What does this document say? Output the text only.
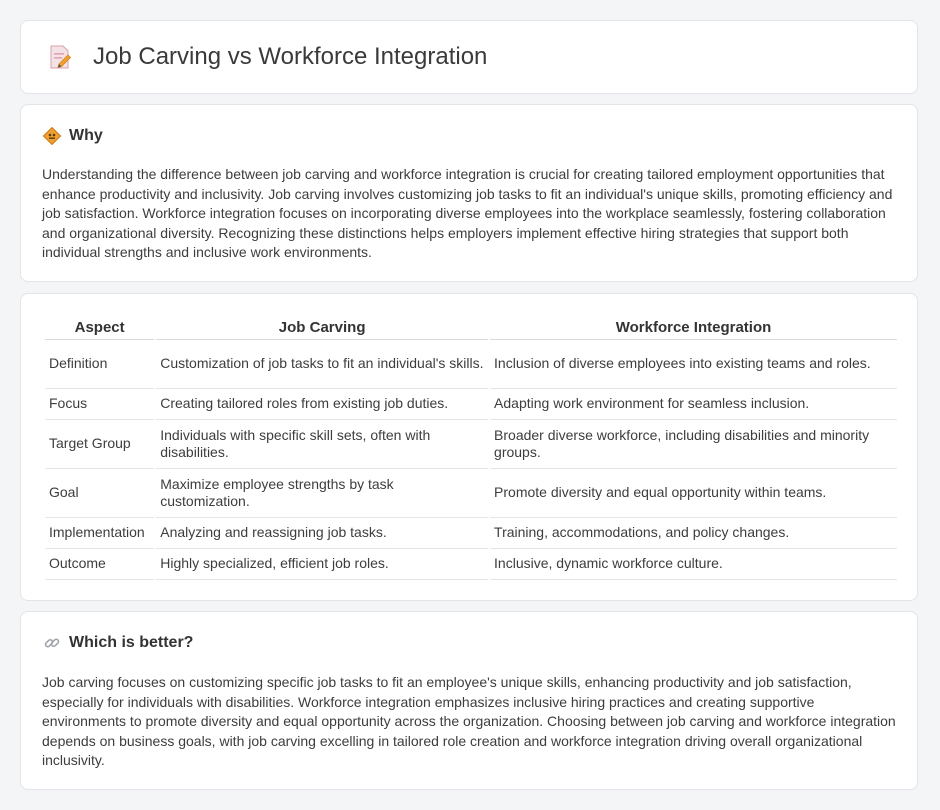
Job Carving vs Workforce Integration
Why
Understanding the difference between job carving and workforce integration is crucial for creating tailored employment opportunities that enhance productivity and inclusivity. Job carving involves customizing job tasks to fit an individual's unique skills, promoting efficiency and job satisfaction. Workforce integration focuses on incorporating diverse employees into the workplace seamlessly, fostering collaboration and organizational diversity. Recognizing these distinctions helps employers implement effective hiring strategies that support both individual strengths and inclusive work environments.
Aspect	Job Carving	Workforce Integration
Definition	Customization of job tasks to fit an individual's skills.	Inclusion of diverse employees into existing teams and roles.
Focus	Creating tailored roles from existing job duties.	Adapting work environment for seamless inclusion.
Target Group	Individuals with specific skill sets, often with disabilities.	Broader diverse workforce, including disabilities and minority groups.
Goal	Maximize employee strengths by task customization.	Promote diversity and equal opportunity within teams.
Implementation	Analyzing and reassigning job tasks.	Training, accommodations, and policy changes.
Outcome	Highly specialized, efficient job roles.	Inclusive, dynamic workforce culture.
Which is better?
Job carving focuses on customizing specific job tasks to fit an employee's unique skills, enhancing productivity and job satisfaction, especially for individuals with disabilities. Workforce integration emphasizes inclusive hiring practices and creating supportive environments to promote diversity and equal opportunity across the organization. Choosing between job carving and workforce integration depends on business goals, with job carving excelling in tailored role creation and workforce integration driving overall organizational inclusivity.
